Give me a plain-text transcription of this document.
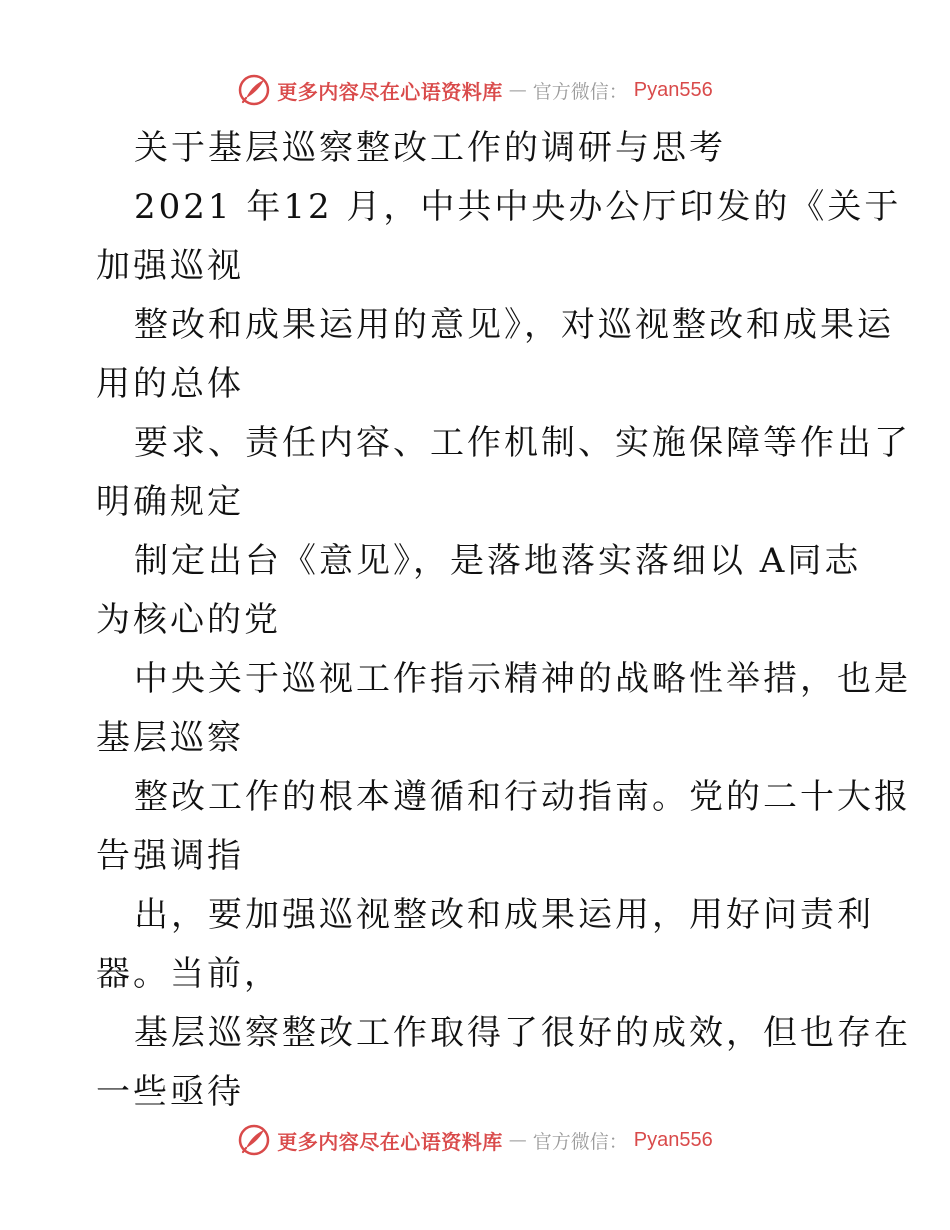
更多内容尽在心语资料库 — 官方微信： Pyan556
关于基层巡察整改工作的调研与思考
2021 年12 月，中共中央办公厅印发的《关于
加强巡视
整改和成果运用的意见》，对巡视整改和成果运
用的总体
要求、责任内容、工作机制、实施保障等作出了
明确规定
制定出台《意见》，是落地落实落细以 A同志
为核心的党
中央关于巡视工作指示精神的战略性举措，也是
基层巡察
整改工作的根本遵循和行动指南。党的二十大报
告强调指
出，要加强巡视整改和成果运用，用好问责利
器。当前，
基层巡察整改工作取得了很好的成效，但也存在
一些亟待
更多内容尽在心语资料库 — 官方微信： Pyan556
